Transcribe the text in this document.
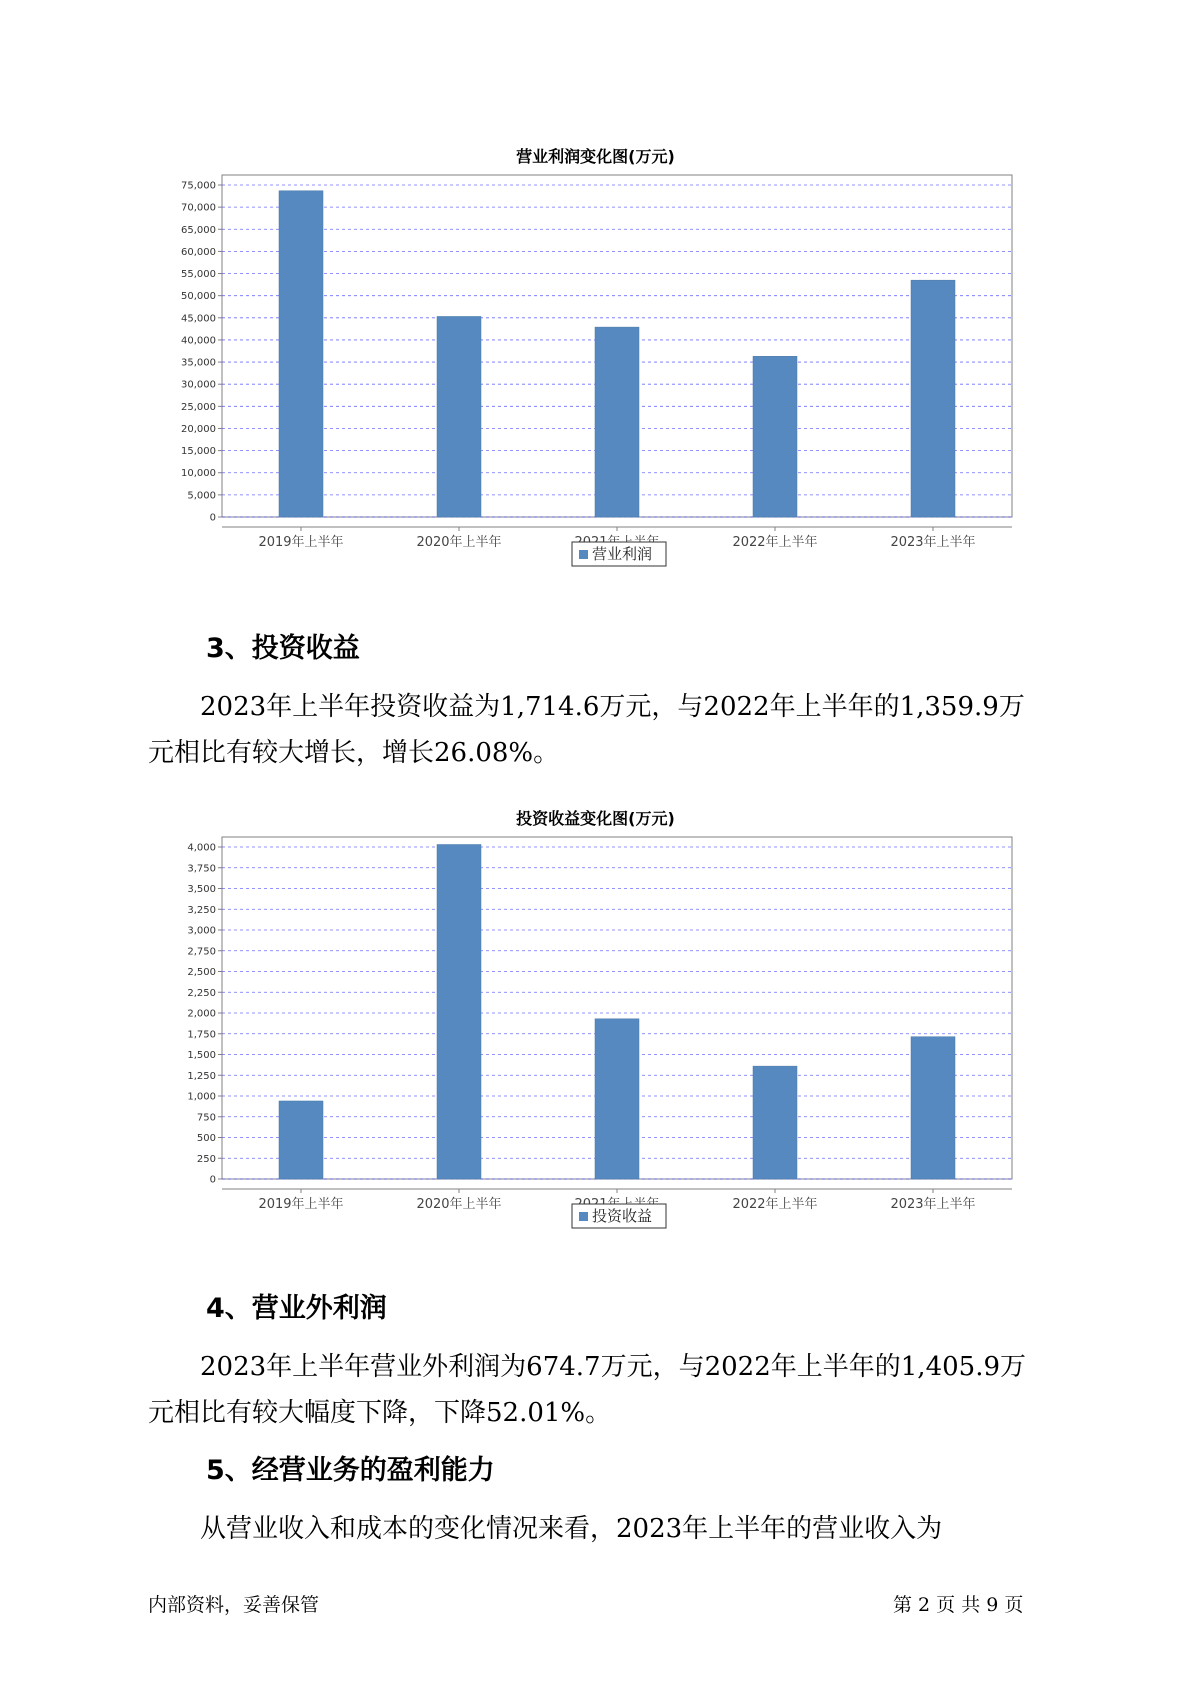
营业利润变化图(万元)
0
5,000
10,000
15,000
20,000
25,000
30,000
35,000
40,000
45,000
50,000
55,000
60,000
65,000
70,000
75,000
2019年上半年	2020年上半年	2022年上半年	2023年上半年
营业利润
3、投资收益
2023年上半年投资收益为1,714.6万元，与2022年上半年的1,359.9万
元相比有较大增长，增长26.08%。
投资收益变化图(万元)
0
250
500
750
1,000
1,250
1,500
1,750
2,000
2,250
2,500
2,750
3,000
3,250
3,500
3,750
4,000
2019年上半年	2020年上半年	2022年上半年	2023年上半年
投资收益
4、营业外利润
2023年上半年营业外利润为674.7万元，与2022年上半年的1,405.9万
元相比有较大幅度下降，下降52.01%。
5、经营业务的盈利能力
从营业收入和成本的变化情况来看，2023年上半年的营业收入为
内部资料，妥善保管	第 2 页 共 9 页
